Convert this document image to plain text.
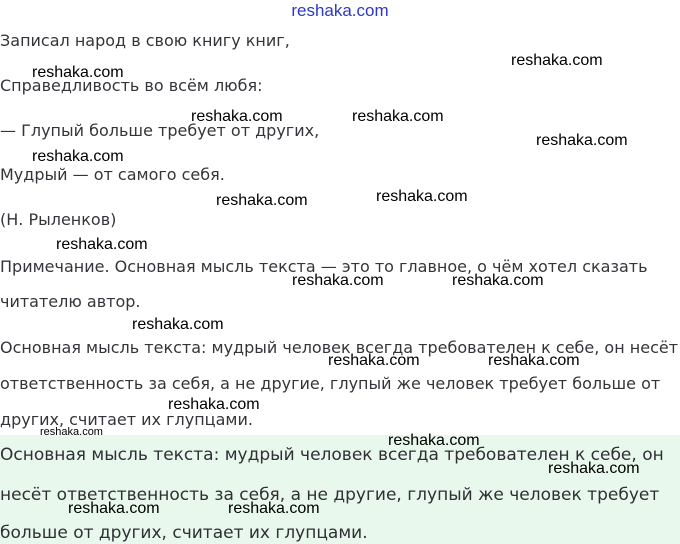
reshaka.com

Записал народ в свою книгу книг,

Справедливость во всём любя:

— Глупый больше требует от других,

Мудрый — от самого себя.

(Н. Рыленков)

Примечание. Основная мысль текста — это то главное, о чём хотел сказать

читателю автор.

Основная мысль текста: мудрый человек всегда требователен к себе, он несёт

ответственность за себя, а не другие, глупый же человек требует больше от

других, считает их глупцами.

Основная мысль текста: мудрый человек всегда требователен к себе, он

несёт ответственность за себя, а не другие, глупый же человек требует

больше от других, считает их глупцами.

reshaka.com
reshaka.com
reshaka.com	reshaka.com
reshaka.com
reshaka.com
reshaka.com
reshaka.com
reshaka.com
reshaka.com	reshaka.com
reshaka.com
reshaka.com	reshaka.com
reshaka.com
reshaka.com	reshaka.com
reshaka.com
reshaka.com	reshaka.com
